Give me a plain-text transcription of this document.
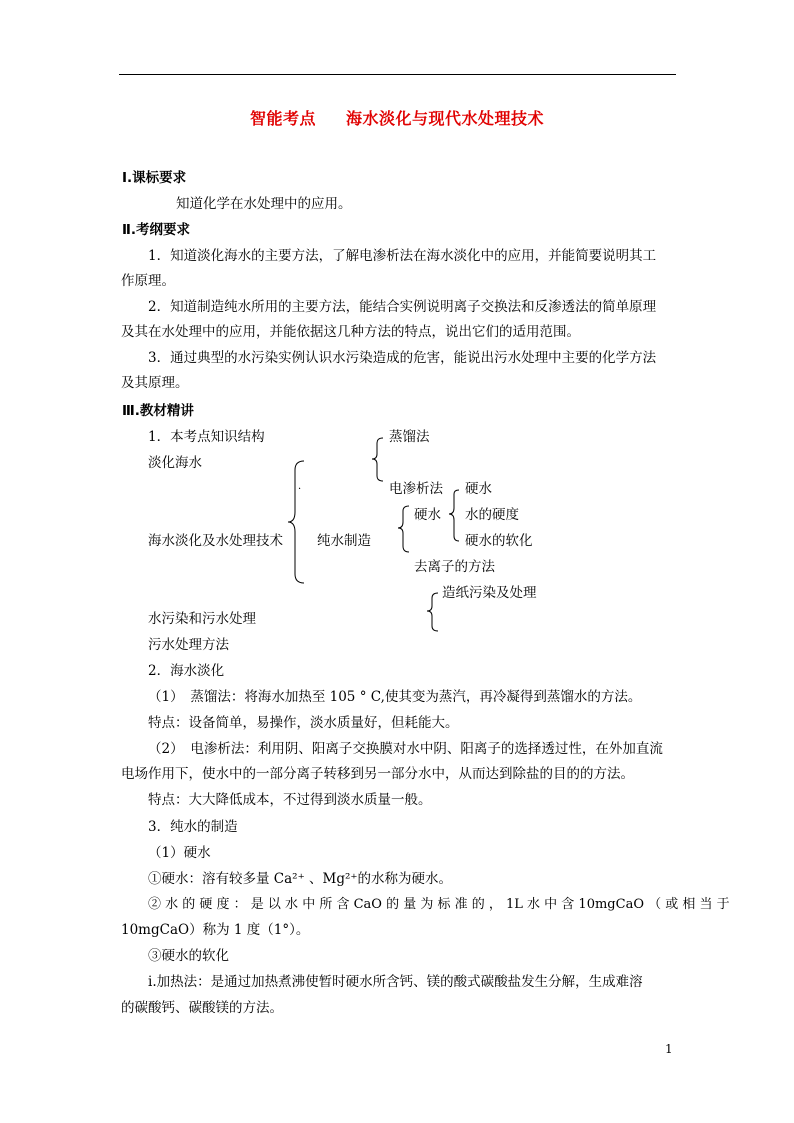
智能考点 海水淡化与现代水处理技术
Ⅰ.课标要求
知道化学在水处理中的应用。
Ⅱ.考纲要求
1．知道淡化海水的主要方法，了解电渗析法在海水淡化中的应用，并能简要说明其工
作原理。
2．知道制造纯水所用的主要方法，能结合实例说明离子交换法和反渗透法的简单原理
及其在水处理中的应用，并能依据这几种方法的特点，说出它们的适用范围。
3．通过典型的水污染实例认识水污染造成的危害，能说出污水处理中主要的化学方法
及其原理。
Ⅲ.教材精讲
1．本考点知识结构	蒸馏法
淡化海水
·	电渗析法 硬水
硬水 水的硬度
海水淡化及水处理技术	纯水制造	硬水的软化
去离子的方法
造纸污染及处理
水污染和污水处理
污水处理方法
2．海水淡化
（1）　蒸馏法：将海水加热至 105 ° C,使其变为蒸汽，再冷凝得到蒸馏水的方法。
特点：设备简单，易操作，淡水质量好，但耗能大。
（2）　电渗析法：利用阴、阳离子交换膜对水中阴、阳离子的选择透过性，在外加直流
电场作用下，使水中的一部分离子转移到另一部分水中，从而达到除盐的目的的方法。
特点：大大降低成本，不过得到淡水质量一般。
3．纯水的制造
（1）硬水
①硬水：溶有较多量 Ca²⁺ 、Mg²⁺的水称为硬水。
② 水 的 硬 度 ： 是 以 水 中 所 含 CaO 的 量 为 标 准 的 ， 1L 水 中 含 10mgCaO （ 或 相 当 于
10mgCaO）称为 1 度（1°）。
③硬水的软化
ⅰ.加热法：是通过加热煮沸使暂时硬水所含钙、镁的酸式碳酸盐发生分解，生成难溶
的碳酸钙、碳酸镁的方法。
1
